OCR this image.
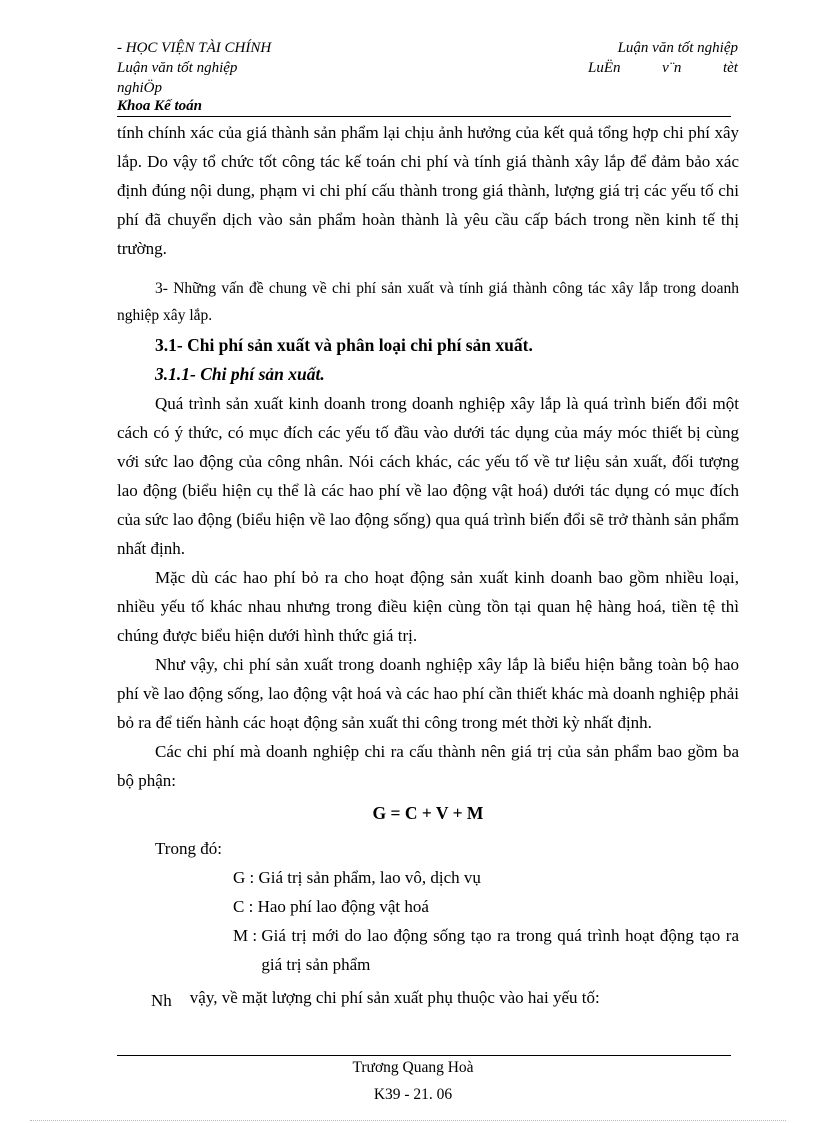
- HỌC VIỆN TÀI CHÍNH
Luận văn tốt nghiệp
nghiÖp
Luận văn tốt nghiệp
LuËn	v¨n	tèt
Khoa Kế toán

tính chính xác của giá thành sản phẩm lại chịu ảnh hưởng của kết quả tổng hợp chi phí xây lắp. Do vậy tổ chức tốt công tác kế toán chi phí và tính giá thành xây lắp để đảm bảo xác định đúng nội dung, phạm vi chi phí cấu thành trong giá thành, lượng giá trị các yếu tố chi phí đã chuyển dịch vào sản phẩm hoàn thành là yêu cầu cấp bách trong nền kinh tế thị trường.

3- Những vấn đề chung về chi phí sản xuất và tính giá thành công tác xây lắp trong doanh nghiệp xây lắp.

3.1- Chi phí sản xuất và phân loại chi phí sản xuất.

3.1.1- Chi phí sản xuất.

Quá trình sản xuất kinh doanh trong doanh nghiệp xây lắp là quá trình biến đổi một cách có ý thức, có mục đích các yếu tố đầu vào dưới tác dụng của máy móc thiết bị cùng với sức lao động của công nhân. Nói cách khác, các yếu tố về tư liệu sản xuất, đối tượng lao động (biểu hiện cụ thể là các hao phí về lao động vật hoá) dưới tác dụng có mục đích của sức lao động (biểu hiện về lao động sống) qua quá trình biến đổi sẽ trở thành sản phẩm nhất định.

Mặc dù các hao phí bỏ ra cho hoạt động sản xuất kinh doanh bao gồm nhiều loại, nhiều yếu tố khác nhau nhưng trong điều kiện cùng tồn tại quan hệ hàng hoá, tiền tệ thì chúng được biểu hiện dưới hình thức giá trị.

Như vậy, chi phí sản xuất trong doanh nghiệp xây lắp là biểu hiện bằng toàn bộ hao phí về lao động sống, lao động vật hoá và các hao phí cần thiết khác mà doanh nghiệp phải bỏ ra để tiến hành các hoạt động sản xuất thi công trong mét thời kỳ nhất định.

Các chi phí mà doanh nghiệp chi ra cấu thành nên giá trị của sản phẩm bao gồm ba bộ phận:

G = C + V + M

Trong đó:

G : Giá trị sản phẩm, lao vô, dịch vụ
C : Hao phí lao động vật hoá
M : Giá trị mới do lao động sống tạo ra trong quá trình hoạt động tạo ra giá trị sản phẩm

Nh vậy, về mặt lượng chi phí sản xuất phụ thuộc vào hai yếu tố:

Trương Quang Hoà
K39 - 21. 06
